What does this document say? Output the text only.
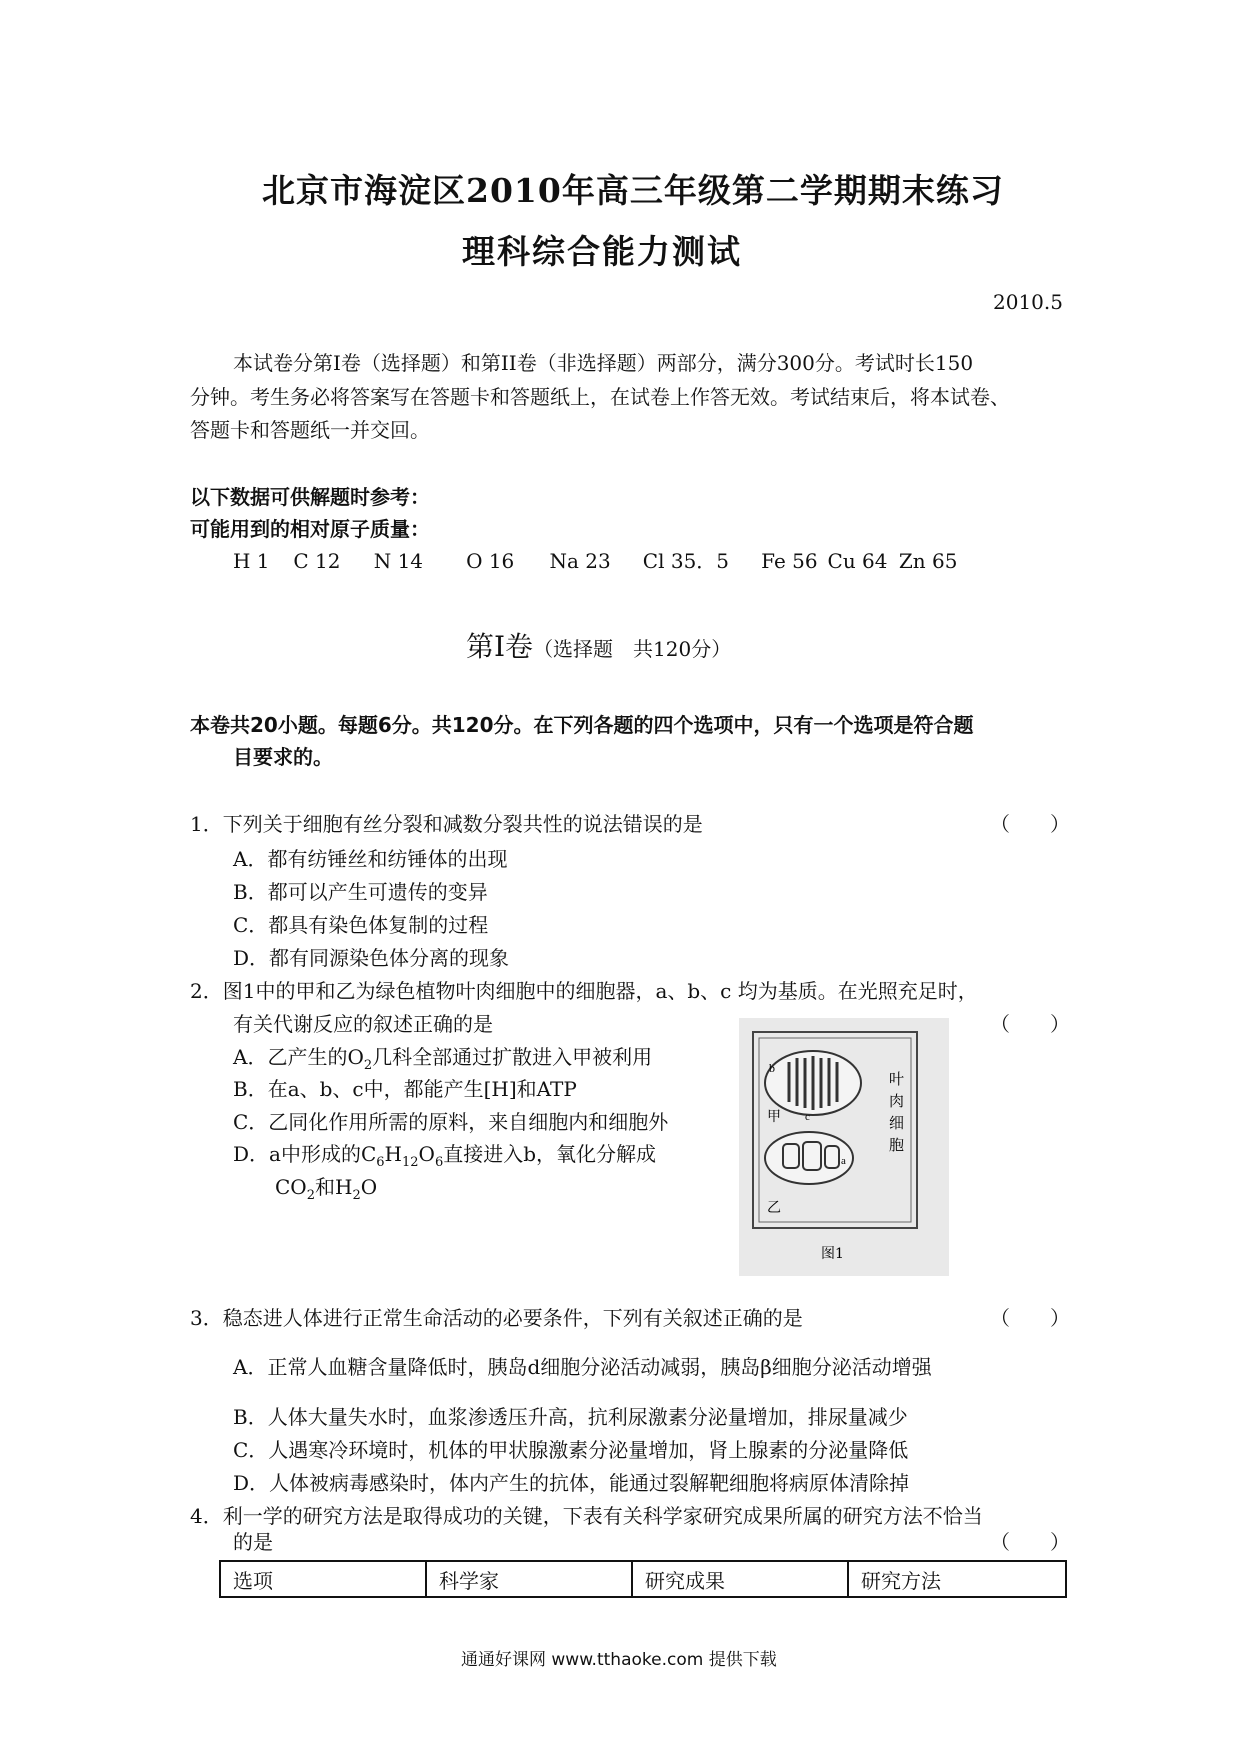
北京市海淀区2010年高三年级第二学期期末练习
理科综合能力测试
2010.5
本试卷分第I卷（选择题）和第II卷（非选择题）两部分，满分300分。考试时长150
分钟。考生务必将答案写在答题卡和答题纸上，在试卷上作答无效。考试结束后，将本试卷、
答题卡和答题纸一并交回。
以下数据可供解题时参考：
可能用到的相对原子质量：
H 1 C 12 N 14 O 16 Na 23 Cl 35．5 Fe 56 Cu 64 Zn 65
第I卷（选择题　共120分）
本卷共20小题。每题6分。共120分。在下列各题的四个选项中，只有一个选项是符合题
目要求的。
1．下列关于细胞有丝分裂和减数分裂共性的说法错误的是	（　　）
A．都有纺锤丝和纺锤体的出现
B．都可以产生可遗传的变异
C．都具有染色体复制的过程
D．都有同源染色体分离的现象
2．图1中的甲和乙为绿色植物叶肉细胞中的细胞器，a、b、c 均为基质。在光照充足时，
有关代谢反应的叙述正确的是	（　　）
A．乙产生的$O_2$几科全部通过扩散进入甲被利用
B．在a、b、c中，都能产生[H]和ATP
C．乙同化作用所需的原料，来自细胞内和细胞外
D．a中形成的$C_6H_{12}O_6$直接进入b，氧化分解成
$CO_2$和$H_2O$
b
c
a
甲
乙
叶
肉
细
胞
图1
3．稳态进人体进行正常生命活动的必要条件，下列有关叙述正确的是	（　　）
A．正常人血糖含量降低时，胰岛d细胞分泌活动减弱，胰岛β细胞分泌活动增强
B．人体大量失水时，血浆渗透压升高，抗利尿激素分泌量增加，排尿量减少
C．人遇寒冷环境时，机体的甲状腺激素分泌量增加，肾上腺素的分泌量降低
D．人体被病毒感染时，体内产生的抗体，能通过裂解靶细胞将病原体清除掉
4．利一学的研究方法是取得成功的关键，下表有关科学家研究成果所属的研究方法不恰当
的是	（　　）
选项	科学家	研究成果	研究方法
通通好课网 www.tthaoke.com 提供下载
